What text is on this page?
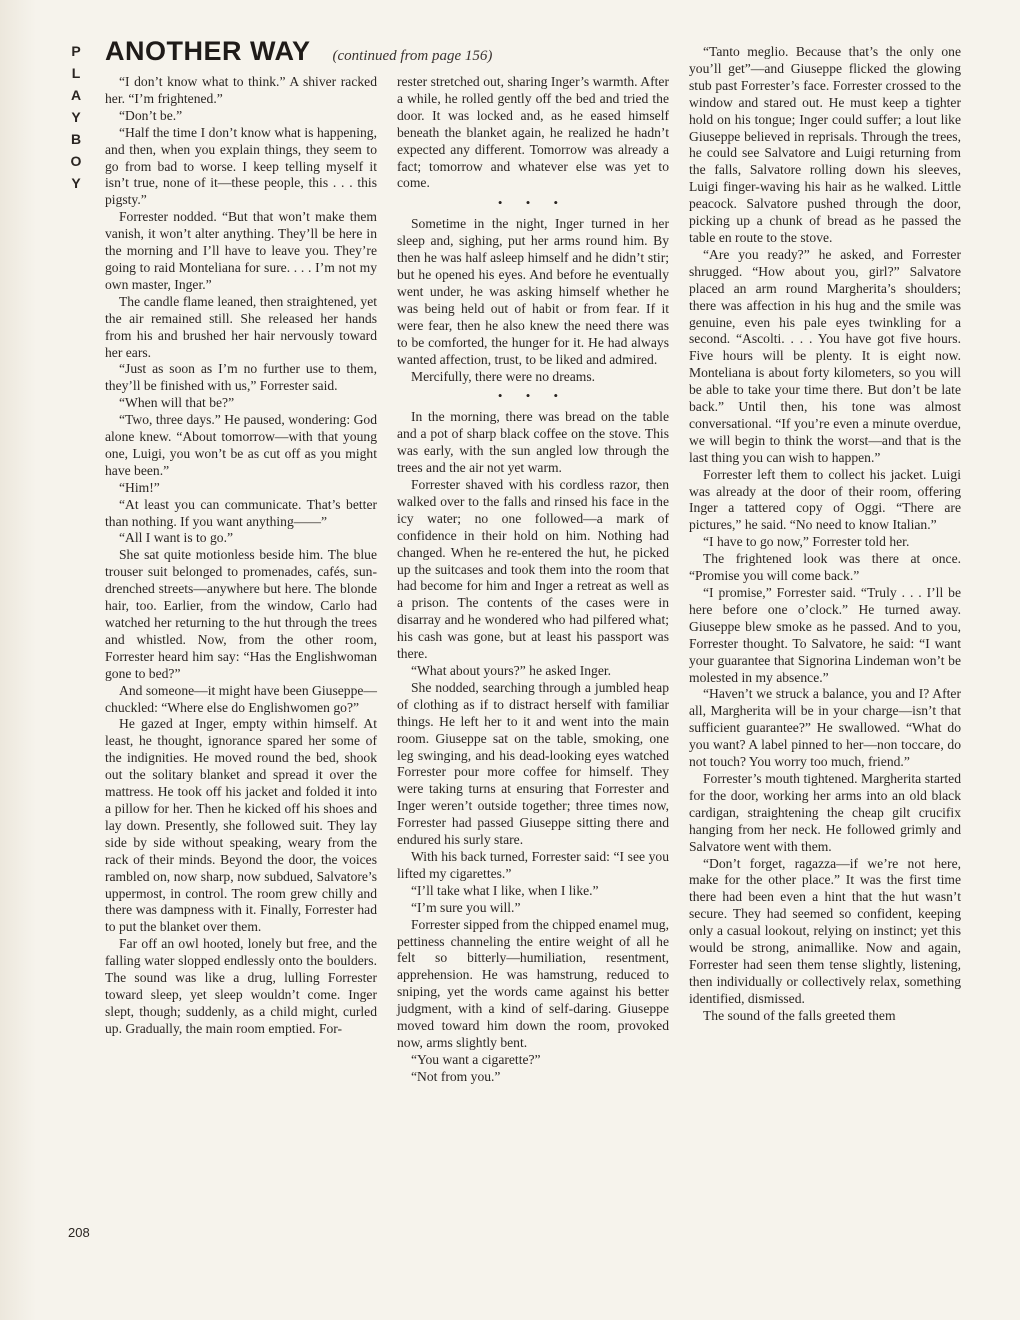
P
L
A
Y
B
O
Y
ANOTHER WAY (continued from page 156)

“I don’t know what to think.” A shiver racked her. “I’m frightened.”

“Don’t be.”

“Half the time I don’t know what is happening, and then, when you explain things, they seem to go from bad to worse. I keep telling myself it isn’t true, none of it—these people, this . . . this pigsty.”

Forrester nodded. “But that won’t make them vanish, it won’t alter anything. They’ll be here in the morning and I’ll have to leave you. They’re going to raid Monteliana for sure. . . . I’m not my own master, Inger.”

The candle flame leaned, then straightened, yet the air remained still. She released her hands from his and brushed her hair nervously toward her ears.

“Just as soon as I’m no further use to them, they’ll be finished with us,” Forrester said.

“When will that be?”

“Two, three days.” He paused, wondering: God alone knew. “About tomorrow—with that young one, Luigi, you won’t be as cut off as you might have been.”

“Him!”

“At least you can communicate. That’s better than nothing. If you want anything——”

“All I want is to go.”

She sat quite motionless beside him. The blue trouser suit belonged to promenades, cafés, sun-drenched streets—anywhere but here. The blonde hair, too. Earlier, from the window, Carlo had watched her returning to the hut through the trees and whistled. Now, from the other room, Forrester heard him say: “Has the Englishwoman gone to bed?”

And someone—it might have been Giuseppe—chuckled: “Where else do Englishwomen go?”

He gazed at Inger, empty within himself. At least, he thought, ignorance spared her some of the indignities. He moved round the bed, shook out the solitary blanket and spread it over the mattress. He took off his jacket and folded it into a pillow for her. Then he kicked off his shoes and lay down. Presently, she followed suit. They lay side by side without speaking, weary from the rack of their minds. Beyond the door, the voices rambled on, now sharp, now subdued, Salvatore’s uppermost, in control. The room grew chilly and there was dampness with it. Finally, Forrester had to put the blanket over them.

Far off an owl hooted, lonely but free, and the falling water slopped endlessly onto the boulders. The sound was like a drug, lulling Forrester toward sleep, yet sleep wouldn’t come. Inger slept, though; suddenly, as a child might, curled up. Gradually, the main room emptied. For-

rester stretched out, sharing Inger’s warmth. After a while, he rolled gently off the bed and tried the door. It was locked and, as he eased himself beneath the blanket again, he realized he hadn’t expected any different. Tomorrow was already a fact; tomorrow and whatever else was yet to come.

• • •

Sometime in the night, Inger turned in her sleep and, sighing, put her arms round him. By then he was half asleep himself and he didn’t stir; but he opened his eyes. And before he eventually went under, he was asking himself whether he was being held out of habit or from fear. If it were fear, then he also knew the need there was to be comforted, the hunger for it. He had always wanted affection, trust, to be liked and admired.

Mercifully, there were no dreams.

• • •

In the morning, there was bread on the table and a pot of sharp black coffee on the stove. This was early, with the sun angled low through the trees and the air not yet warm.

Forrester shaved with his cordless razor, then walked over to the falls and rinsed his face in the icy water; no one followed—a mark of confidence in their hold on him. Nothing had changed. When he re-entered the hut, he picked up the suitcases and took them into the room that had become for him and Inger a retreat as well as a prison. The contents of the cases were in disarray and he wondered who had pilfered what; his cash was gone, but at least his passport was there.

“What about yours?” he asked Inger.

She nodded, searching through a jumbled heap of clothing as if to distract herself with familiar things. He left her to it and went into the main room. Giuseppe sat on the table, smoking, one leg swinging, and his dead-looking eyes watched Forrester pour more coffee for himself. They were taking turns at ensuring that Forrester and Inger weren’t outside together; three times now, Forrester had passed Giuseppe sitting there and endured his surly stare.

With his back turned, Forrester said: “I see you lifted my cigarettes.”

“I’ll take what I like, when I like.”

“I’m sure you will.”

Forrester sipped from the chipped enamel mug, pettiness channeling the entire weight of all he felt so bitterly—humiliation, resentment, apprehension. He was hamstrung, reduced to sniping, yet the words came against his better judgment, with a kind of self-daring. Giuseppe moved toward him down the room, provoked now, arms slightly bent.

“You want a cigarette?”

“Not from you.”

“Tanto meglio. Because that’s the only one you’ll get”—and Giuseppe flicked the glowing stub past Forrester’s face. Forrester crossed to the window and stared out. He must keep a tighter hold on his tongue; Inger could suffer; a lout like Giuseppe believed in reprisals. Through the trees, he could see Salvatore and Luigi returning from the falls, Salvatore rolling down his sleeves, Luigi finger-waving his hair as he walked. Little peacock. Salvatore pushed through the door, picking up a chunk of bread as he passed the table en route to the stove.

“Are you ready?” he asked, and Forrester shrugged. “How about you, girl?” Salvatore placed an arm round Margherita’s shoulders; there was affection in his hug and the smile was genuine, even his pale eyes twinkling for a second. “Ascolti. . . . You have got five hours. Five hours will be plenty. It is eight now. Monteliana is about forty kilometers, so you will be able to take your time there. But don’t be late back.” Until then, his tone was almost conversational. “If you’re even a minute overdue, we will begin to think the worst—and that is the last thing you can wish to happen.”

Forrester left them to collect his jacket. Luigi was already at the door of their room, offering Inger a tattered copy of Oggi. “There are pictures,” he said. “No need to know Italian.”

“I have to go now,” Forrester told her.

The frightened look was there at once. “Promise you will come back.”

“I promise,” Forrester said. “Truly . . . I’ll be here before one o’clock.” He turned away. Giuseppe blew smoke as he passed. And to you, Forrester thought. To Salvatore, he said: “I want your guarantee that Signorina Lindeman won’t be molested in my absence.”

“Haven’t we struck a balance, you and I? After all, Margherita will be in your charge—isn’t that sufficient guarantee?” He swallowed. “What do you want? A label pinned to her—non toccare, do not touch? You worry too much, friend.”

Forrester’s mouth tightened. Margherita started for the door, working her arms into an old black cardigan, straightening the cheap gilt crucifix hanging from her neck. He followed grimly and Salvatore went with them.

“Don’t forget, ragazza—if we’re not here, make for the other place.” It was the first time there had been even a hint that the hut wasn’t secure. They had seemed so confident, keeping only a casual lookout, relying on instinct; yet this would be strong, animallike. Now and again, Forrester had seen them tense slightly, listening, then individually or collectively relax, something identified, dismissed.

The sound of the falls greeted them

208
